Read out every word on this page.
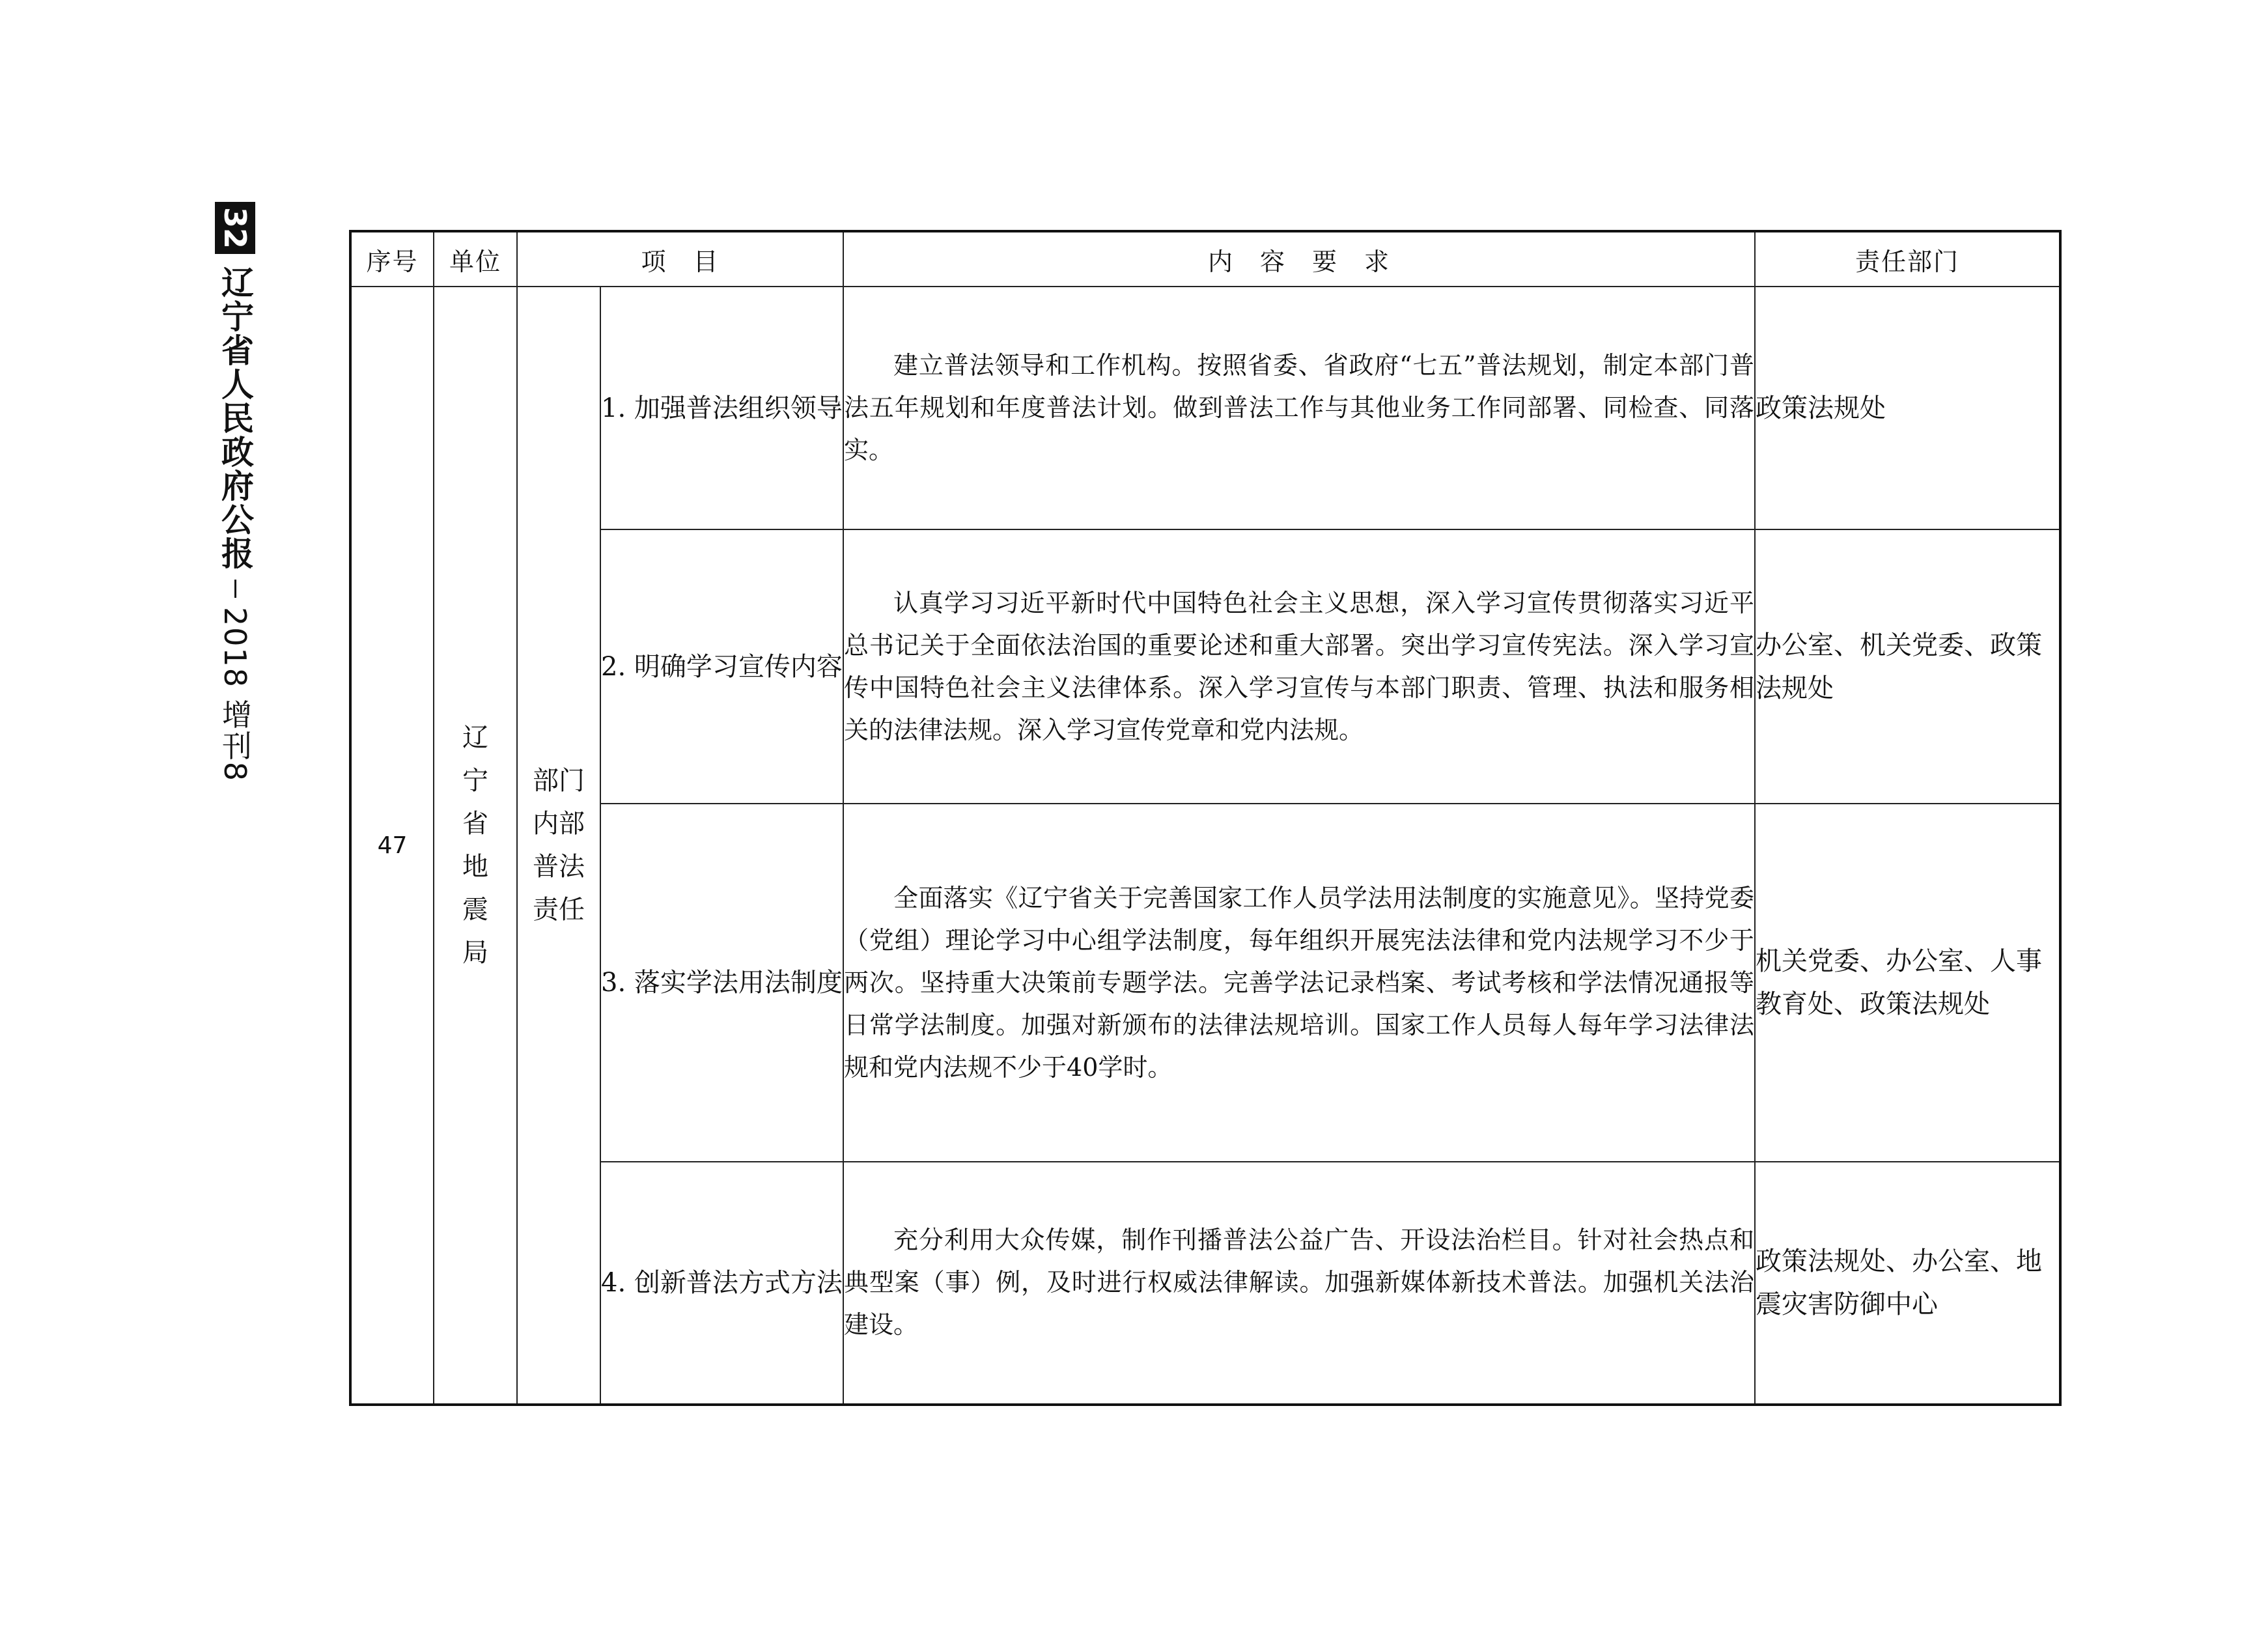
32
辽宁省人民政府公报
2018 增刊8
序号	单位	项　目		内　容　要　求	责任部门
47	辽宁省地震局	部门内部普法责任	1. 加强普法组织领导	建立普法领导和工作机构。按照省委、省政府“七五”普法规划，制定本部门普法五年规划和年度普法计划。做到普法工作与其他业务工作同部署、同检查、同落实。	政策法规处

			2. 明确学习宣传内容	认真学习习近平新时代中国特色社会主义思想，深入学习宣传贯彻落实习近平总书记关于全面依法治国的重要论述和重大部署。突出学习宣传宪法。深入学习宣传中国特色社会主义法律体系。深入学习宣传与本部门职责、管理、执法和服务相关的法律法规。深入学习宣传党章和党内法规。	办公室、机关党委、政策法规处

			3. 落实学法用法制度	全面落实《辽宁省关于完善国家工作人员学法用法制度的实施意见》。坚持党委（党组）理论学习中心组学法制度，每年组织开展宪法法律和党内法规学习不少于两次。坚持重大决策前专题学法。完善学法记录档案、考试考核和学法情况通报等日常学法制度。加强对新颁布的法律法规培训。国家工作人员每人每年学习法律法规和党内法规不少于40学时。	机关党委、办公室、人事教育处、政策法规处

			4. 创新普法方式方法	充分利用大众传媒，制作刊播普法公益广告、开设法治栏目。针对社会热点和典型案（事）例，及时进行权威法律解读。加强新媒体新技术普法。加强机关法治建设。	政策法规处、办公室、地震灾害防御中心
